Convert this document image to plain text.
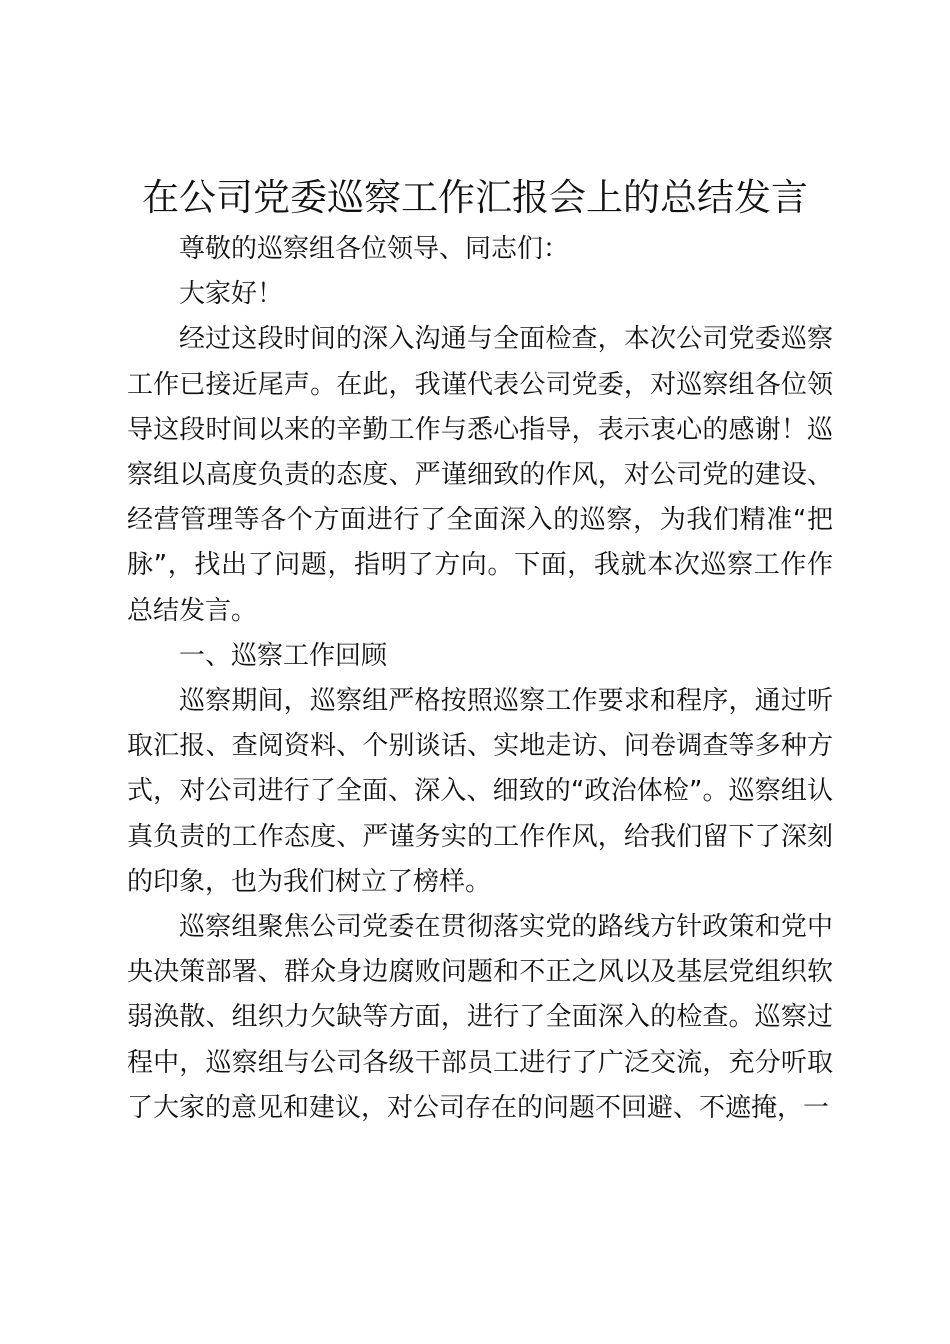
在公司党委巡察工作汇报会上的总结发言

尊敬的巡察组各位领导、同志们：

大家好！

经过这段时间的深入沟通与全面检查，本次公司党委巡察工作已接近尾声。在此，我谨代表公司党委，对巡察组各位领导这段时间以来的辛勤工作与悉心指导，表示衷心的感谢！巡察组以高度负责的态度、严谨细致的作风，对公司党的建设、经营管理等各个方面进行了全面深入的巡察，为我们精准“把脉”，找出了问题，指明了方向。下面，我就本次巡察工作作总结发言。

一、巡察工作回顾

巡察期间，巡察组严格按照巡察工作要求和程序，通过听取汇报、查阅资料、个别谈话、实地走访、问卷调查等多种方式，对公司进行了全面、深入、细致的“政治体检”。巡察组认真负责的工作态度、严谨务实的工作作风，给我们留下了深刻的印象，也为我们树立了榜样。

巡察组聚焦公司党委在贯彻落实党的路线方针政策和党中央决策部署、群众身边腐败问题和不正之风以及基层党组织软弱涣散、组织力欠缺等方面，进行了全面深入的检查。巡察过程中，巡察组与公司各级干部员工进行了广泛交流，充分听取了大家的意见和建议，对公司存在的问题不回避、不遮掩，一
